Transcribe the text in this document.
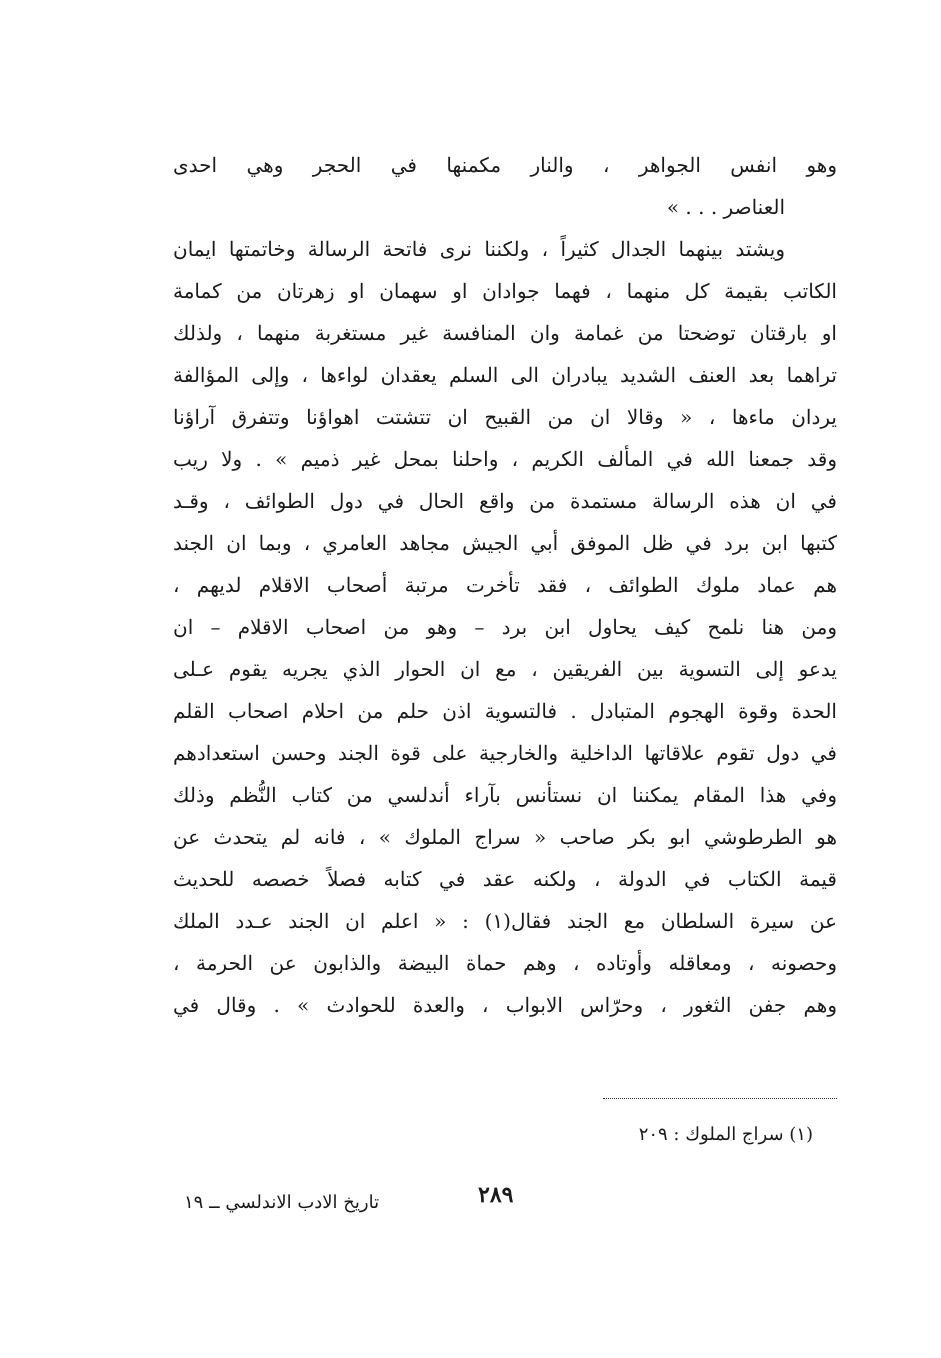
وهو انفس الجواهر ، والنار مكمنها في الحجر وهي احدى
العناصر . . . »
ويشتد بينهما الجدال كثيراً ، ولكننا نرى فاتحة الرسالة وخاتمتها ايمان
الكاتب بقيمة كل منهما ، فهما جوادان او سهمان او زهرتان من كمامة
او بارقتان توضحتا من غمامة وان المنافسة غير مستغربة منهما ، ولذلك
تراهما بعد العنف الشديد يبادران الى السلم يعقدان لواءها ، وإلى المؤالفة
يردان ماءها ، « وقالا ان من القبيح ان تتشتت اهواؤنا وتتفرق آراؤنا
وقد جمعنا الله في المألف الكريم ، واحلنا بمحل غير ذميم » . ولا ريب
في ان هذه الرسالة مستمدة من واقع الحال في دول الطوائف ، وقـد
كتبها ابن برد في ظل الموفق أبي الجيش مجاهد العامري ، وبما ان الجند
هم عماد ملوك الطوائف ، فقد تأخرت مرتبة أصحاب الاقلام لديهم ،
ومن هنا نلمح كيف يحاول ابن برد – وهو من اصحاب الاقلام – ان
يدعو إلى التسوية بين الفريقين ، مع ان الحوار الذي يجريه يقوم عـلى
الحدة وقوة الهجوم المتبادل . فالتسوية اذن حلم من احلام اصحاب القلم
في دول تقوم علاقاتها الداخلية والخارجية على قوة الجند وحسن استعدادهم
وفي هذا المقام يمكننا ان نستأنس بآراء أندلسي من كتاب النُّظم وذلك
هو الطرطوشي ابو بكر صاحب « سراج الملوك » ، فانه لم يتحدث عن
قيمة الكتاب في الدولة ، ولكنه عقد في كتابه فصلاً خصصه للحديث
عن سيرة السلطان مع الجند فقال(١) : « اعلم ان الجند عـدد الملك
وحصونه ، ومعاقله وأوتاده ، وهم حماة البيضة والذابون عن الحرمة ،
وهم جفن الثغور ، وحرّاس الابواب ، والعدة للحوادث » . وقال في
(١) سراج الملوك : ٢٠٩
٢٨٩
تاريخ الادب الاندلسي ــ ١٩
